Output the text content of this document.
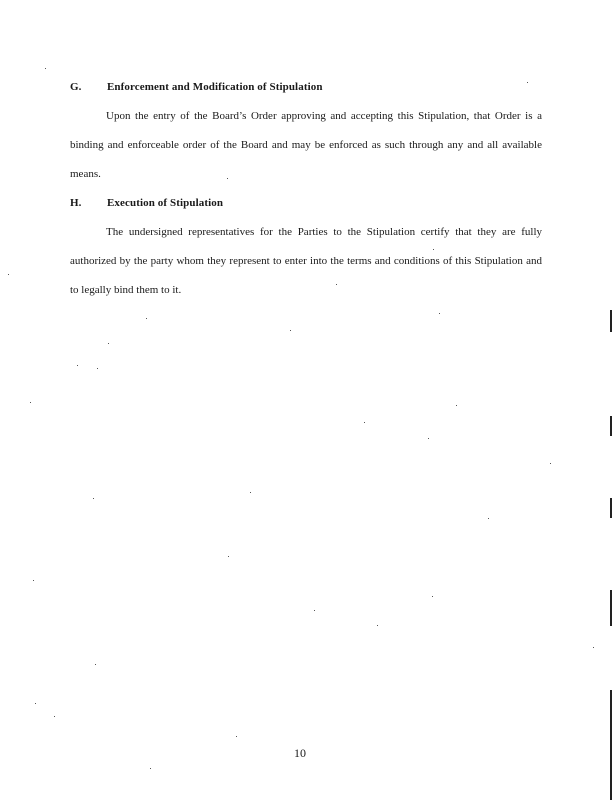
G. Enforcement and Modification of Stipulation
Upon the entry of the Board’s Order approving and accepting this Stipulation, that Order is a binding and enforceable order of the Board and may be enforced as such through any and all available means.
H. Execution of Stipulation
The undersigned representatives for the Parties to the Stipulation certify that they are fully authorized by the party whom they represent to enter into the terms and conditions of this Stipulation and to legally bind them to it.
10
